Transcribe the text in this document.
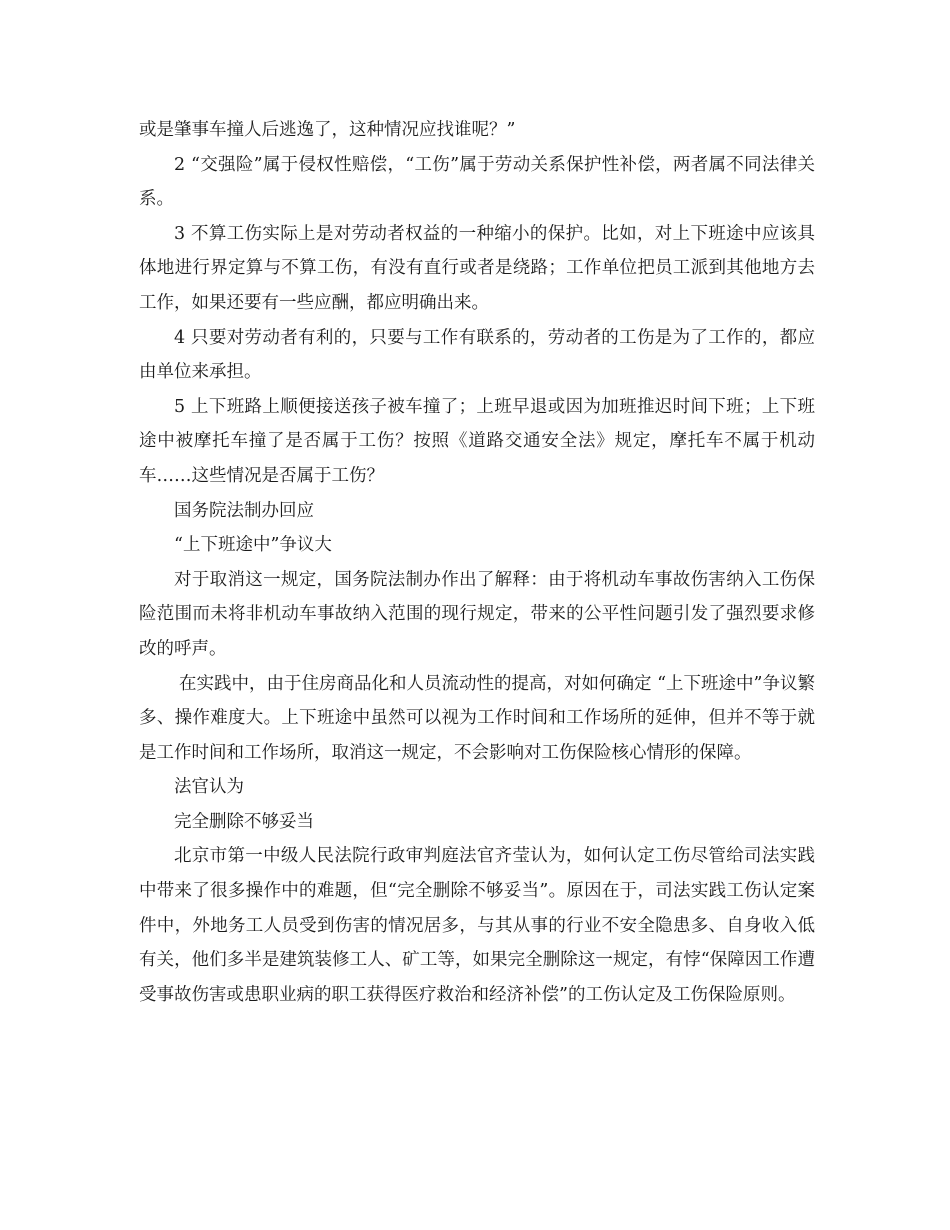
或是肇事车撞人后逃逸了，这种情况应找谁呢？”

2 “交强险”属于侵权性赔偿，“工伤”属于劳动关系保护性补偿，两者属不同法律关系。

3 不算工伤实际上是对劳动者权益的一种缩小的保护。比如，对上下班途中应该具体地进行界定算与不算工伤，有没有直行或者是绕路；工作单位把员工派到其他地方去工作，如果还要有一些应酬，都应明确出来。

4 只要对劳动者有利的，只要与工作有联系的，劳动者的工伤是为了工作的，都应由单位来承担。

5 上下班路上顺便接送孩子被车撞了；上班早退或因为加班推迟时间下班；上下班途中被摩托车撞了是否属于工伤？按照《道路交通安全法》规定，摩托车不属于机动车……这些情况是否属于工伤？

国务院法制办回应

“上下班途中”争议大

对于取消这一规定，国务院法制办作出了解释：由于将机动车事故伤害纳入工伤保险范围而未将非机动车事故纳入范围的现行规定，带来的公平性问题引发了强烈要求修改的呼声。

在实践中，由于住房商品化和人员流动性的提高，对如何确定 “上下班途中”争议繁多、操作难度大。上下班途中虽然可以视为工作时间和工作场所的延伸，但并不等于就是工作时间和工作场所，取消这一规定，不会影响对工伤保险核心情形的保障。

法官认为

完全删除不够妥当

北京市第一中级人民法院行政审判庭法官齐莹认为，如何认定工伤尽管给司法实践中带来了很多操作中的难题，但“完全删除不够妥当”。原因在于，司法实践工伤认定案件中，外地务工人员受到伤害的情况居多，与其从事的行业不安全隐患多、自身收入低有关，他们多半是建筑装修工人、矿工等，如果完全删除这一规定，有悖“保障因工作遭受事故伤害或患职业病的职工获得医疗救治和经济补偿”的工伤认定及工伤保险原则。
